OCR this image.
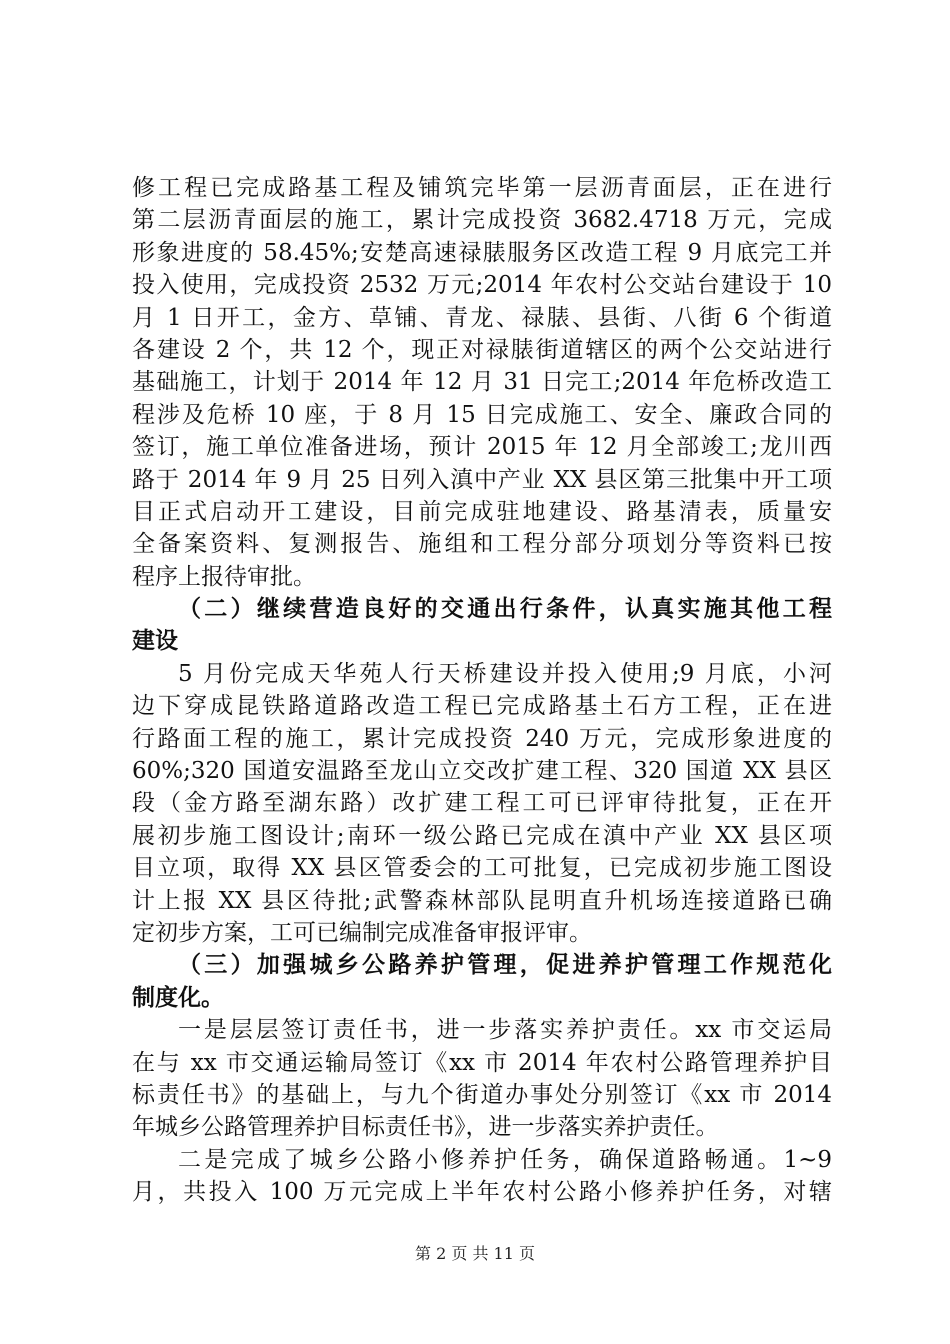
修工程已完成路基工程及铺筑完毕第一层沥青面层，正在进行
第二层沥青面层的施工，累计完成投资 3682.4718 万元，完成
形象进度的 58.45%;安楚高速禄脿服务区改造工程 9 月底完工并
投入使用，完成投资 2532 万元;2014 年农村公交站台建设于 10
月 1 日开工，金方、草铺、青龙、禄脿、县街、八街 6 个街道
各建设 2 个，共 12 个，现正对禄脿街道辖区的两个公交站进行
基础施工，计划于 2014 年 12 月 31 日完工;2014 年危桥改造工
程涉及危桥 10 座，于 8 月 15 日完成施工、安全、廉政合同的
签订，施工单位准备进场，预计 2015 年 12 月全部竣工;龙川西
路于 2014 年 9 月 25 日列入滇中产业 XX 县区第三批集中开工项
目正式启动开工建设，目前完成驻地建设、路基清表，质量安
全备案资料、复测报告、施组和工程分部分项划分等资料已按
程序上报待审批。
（二）继续营造良好的交通出行条件，认真实施其他工程
建设
5 月份完成天华苑人行天桥建设并投入使用;9 月底，小河
边下穿成昆铁路道路改造工程已完成路基土石方工程，正在进
行路面工程的施工，累计完成投资 240 万元，完成形象进度的
60%;320 国道安温路至龙山立交改扩建工程、320 国道 XX 县区
段（金方路至湖东路）改扩建工程工可已评审待批复，正在开
展初步施工图设计;南环一级公路已完成在滇中产业 XX 县区项
目立项，取得 XX 县区管委会的工可批复，已完成初步施工图设
计上报 XX 县区待批;武警森林部队昆明直升机场连接道路已确
定初步方案，工可已编制完成准备审报评审。
（三）加强城乡公路养护管理，促进养护管理工作规范化
制度化。
一是层层签订责任书，进一步落实养护责任。xx 市交运局
在与 xx 市交通运输局签订《xx 市 2014 年农村公路管理养护目
标责任书》的基础上，与九个街道办事处分别签订《xx 市 2014
年城乡公路管理养护目标责任书》，进一步落实养护责任。
二是完成了城乡公路小修养护任务，确保道路畅通。1~9
月，共投入 100 万元完成上半年农村公路小修养护任务，对辖
第 2 页 共 11 页
